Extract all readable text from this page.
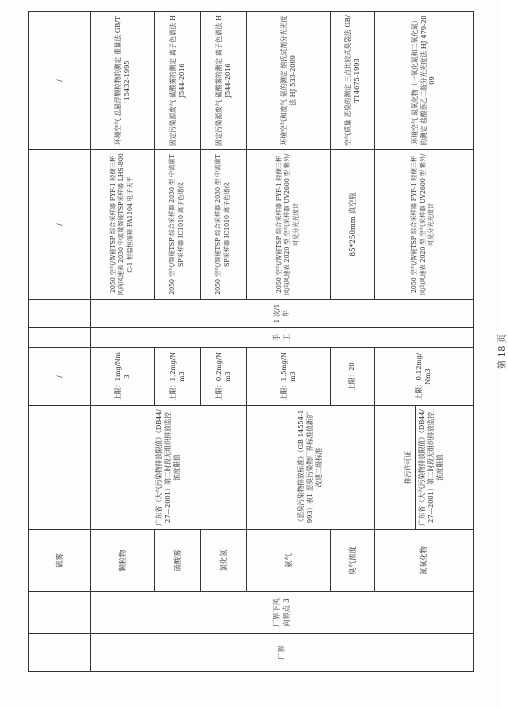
		硫雾		/			/	/
厂界	厂界下风向界点 3	颗粒物	广东省《大气污染物排放限值》（DB44/27—2001）第二时段无组织排放监控浓度限值	上限：1mg/Nm3	手工	1 次/1 年	2050 空气/智能TSP 综合采样器 FYF-1 轻便三杯风向风速表 2030 中流量智能TSP采样器 LHS-800C-1 恒温恒湿箱 FA1104 电子天平	环境空气 总悬浮颗粒物的测定 重量法 GB/T 15432-1995
		硫酸雾		上限：1.2mg/Nm3			2050 空气/智能TSP 综合采样器 2030 型 中流量TSP采样器 IC1010 离子色谱仪	固定污染源废气 硫酸雾的测定 离子色谱法 HJ544-2016
		氯化氢		上限：0.2mg/Nm3			2050 空气/智能TSP 综合采样器 2030 型 中流量TSP采样器 IC1010 离子色谱仪	固定污染源废气 硫酸雾的测定 离子色谱法 HJ544-2016
		氨气	《恶臭污染物排放标准》（GB 14554-1993）表1 恶臭污染物厂界标准值新扩改建二级标准	上限：1.5mg/Nm3			2050 空气/智能TSP 综合采样器 FYF-1 轻便三杯风向风速表 2020 型 空气采样器 UV2600 型 紫外/可见分光光度计	环境空气和废气 氨的测定 纳氏试剂分光光度法 HJ 533-2009
		臭气浓度		上限：20			85*250mm 真空瓶	空气质量 恶臭的测定 三点比较式臭袋法 GB/T14675-1993
		氮氧化物	排污许可证 广东省《大气污染物排放限值》（DB44/27—2001）第二时段无组织排放监控浓度限值	上限：0.12mg/Nm3			2050 空气/智能TSP 综合采样器 FYF-1 轻便三杯风向风速表 2020 型 空气采样器 UV2600 型 紫外/可见分光光度计	环境空气 氮氧化物（一氧化氮和二氧化氮）的测定 盐酸萘乙二胺分光光度法 HJ 479-2009
第 18 页
